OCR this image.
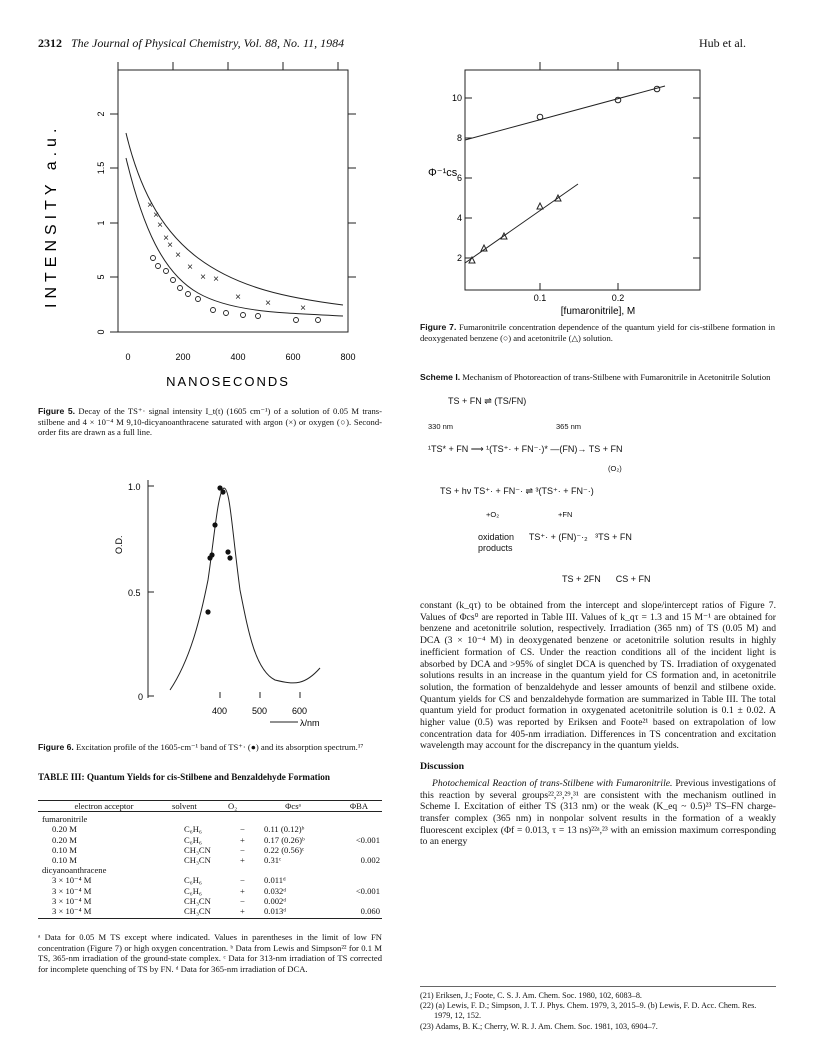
2312 The Journal of Physical Chemistry, Vol. 88, No. 11, 1984	Hub et al.
INTENSITY a.u.
0
5
1
1.5
2
0	200	400	600	800
NANOSECONDS
×
×
×
×
×
×
×
× ×
×
×	×
Figure 5. Decay of the TS⁺· signal intensity I_t(t) (1605 cm⁻¹) of a solution of 0.05 M trans-stilbene and 4 × 10⁻⁴ M 9,10-dicyanoanthracene saturated with argon (×) or oxygen (○). Second-order fits are drawn as a full line.
O.D.
1.0
0.5
0
400	500	600
λ/nm
Figure 6. Excitation profile of the 1605-cm⁻¹ band of TS⁺· (●) and its absorption spectrum.¹⁷
TABLE III: Quantum Yields for cis-Stilbene and Benzaldehyde Formation
electron acceptor	solvent	O₂	Φcsᵃ	ΦBA
fumaronitrile				
0.20 M	C₆H₆	−	0.11 (0.12)ᵇ	
0.20 M	C₆H₆	+	0.17 (0.26)ᵇ	<0.001
0.10 M	CH₃CN	−	0.22 (0.56)ᶜ	
0.10 M	CH₃CN	+	0.31ᶜ	0.002
dicyanoanthracene				
3 × 10⁻⁴ M	C₆H₆	−	0.011ᵈ	
3 × 10⁻⁴ M	C₆H₆	+	0.032ᵈ	<0.001
3 × 10⁻⁴ M	CH₃CN	−	0.002ᵈ	
3 × 10⁻⁴ M	CH₃CN	+	0.013ᵈ	0.060
ᵃ Data for 0.05 M TS except where indicated. Values in parentheses in the limit of low FN concentration (Figure 7) or high oxygen concentration. ᵇ Data from Lewis and Simpson²² for 0.1 M TS, 365-nm irradiation of the ground-state complex. ᶜ Data for 313-nm irradiation of TS corrected for incomplete quenching of TS by FN. ᵈ Data for 365-nm irradiation of DCA.
10
8
6
4
2
0.1	0.2
[fumaronitrile], M
Φ⁻¹cs
Figure 7. Fumaronitrile concentration dependence of the quantum yield for cis-stilbene formation in deoxygenated benzene (○) and acetonitrile (△) solution.
Scheme I. Mechanism of Photoreaction of trans-Stilbene with Fumaronitrile in Acetonitrile Solution
TS + FN ⇌ (TS/FN)
330 nm	365 nm
¹TS* + FN ⟶ ¹(TS⁺· + FN⁻·)* —(FN)→ TS + FN
(O₂)
TS + hν TS⁺· + FN⁻· ⇌ ³(TS⁺· + FN⁻·)
+O₂	+FN
oxidation      TS⁺· + (FN)⁻·₂   ³TS + FN
products
TS + 2FN      CS + FN

constant (k_qτ) to be obtained from the intercept and slope/intercept ratios of Figure 7. Values of Φcs⁰ are reported in Table III. Values of k_qτ = 1.3 and 15 M⁻¹ are obtained for benzene and acetonitrile solution, respectively. Irradiation (365 nm) of TS (0.05 M) and DCA (3 × 10⁻⁴ M) in deoxygenated benzene or acetonitrile solution results in highly inefficient formation of CS. Under the reaction conditions all of the incident light is absorbed by DCA and >95% of singlet DCA is quenched by TS. Irradiation of oxygenated solutions results in an increase in the quantum yield for CS formation and, in acetonitrile solution, the formation of benzaldehyde and lesser amounts of benzil and stilbene oxide. Quantum yields for CS and benzaldehyde formation are summarized in Table III. The total quantum yield for product formation in oxygenated acetonitrile solution is 0.1 ± 0.02. A higher value (0.5) was reported by Eriksen and Foote²¹ based on extrapolation of low concentration data for 405-nm irradiation. Differences in TS concentration and excitation wavelength may account for the discrepancy in the quantum yields.

Discussion

Photochemical Reaction of trans-Stilbene with Fumaronitrile. Previous investigations of this reaction by several groups²²,²³,²⁹,³¹ are consistent with the mechanism outlined in Scheme I. Excitation of either TS (313 nm) or the weak (K_eq ~ 0.5)²³ TS–FN charge-transfer complex (365 nm) in nonpolar solvent results in the formation of a weakly fluorescent exciplex (Φf = 0.013, τ = 13 ns)²²ᵃ,²³ with an emission maximum corresponding to an energy

(21) Eriksen, J.; Foote, C. S. J. Am. Chem. Soc. 1980, 102, 6083–8.
(22) (a) Lewis, F. D.; Simpson, J. T. J. Phys. Chem. 1979, 3, 2015–9. (b) Lewis, F. D. Acc. Chem. Res. 1979, 12, 152.
(23) Adams, B. K.; Cherry, W. R. J. Am. Chem. Soc. 1981, 103, 6904–7.
